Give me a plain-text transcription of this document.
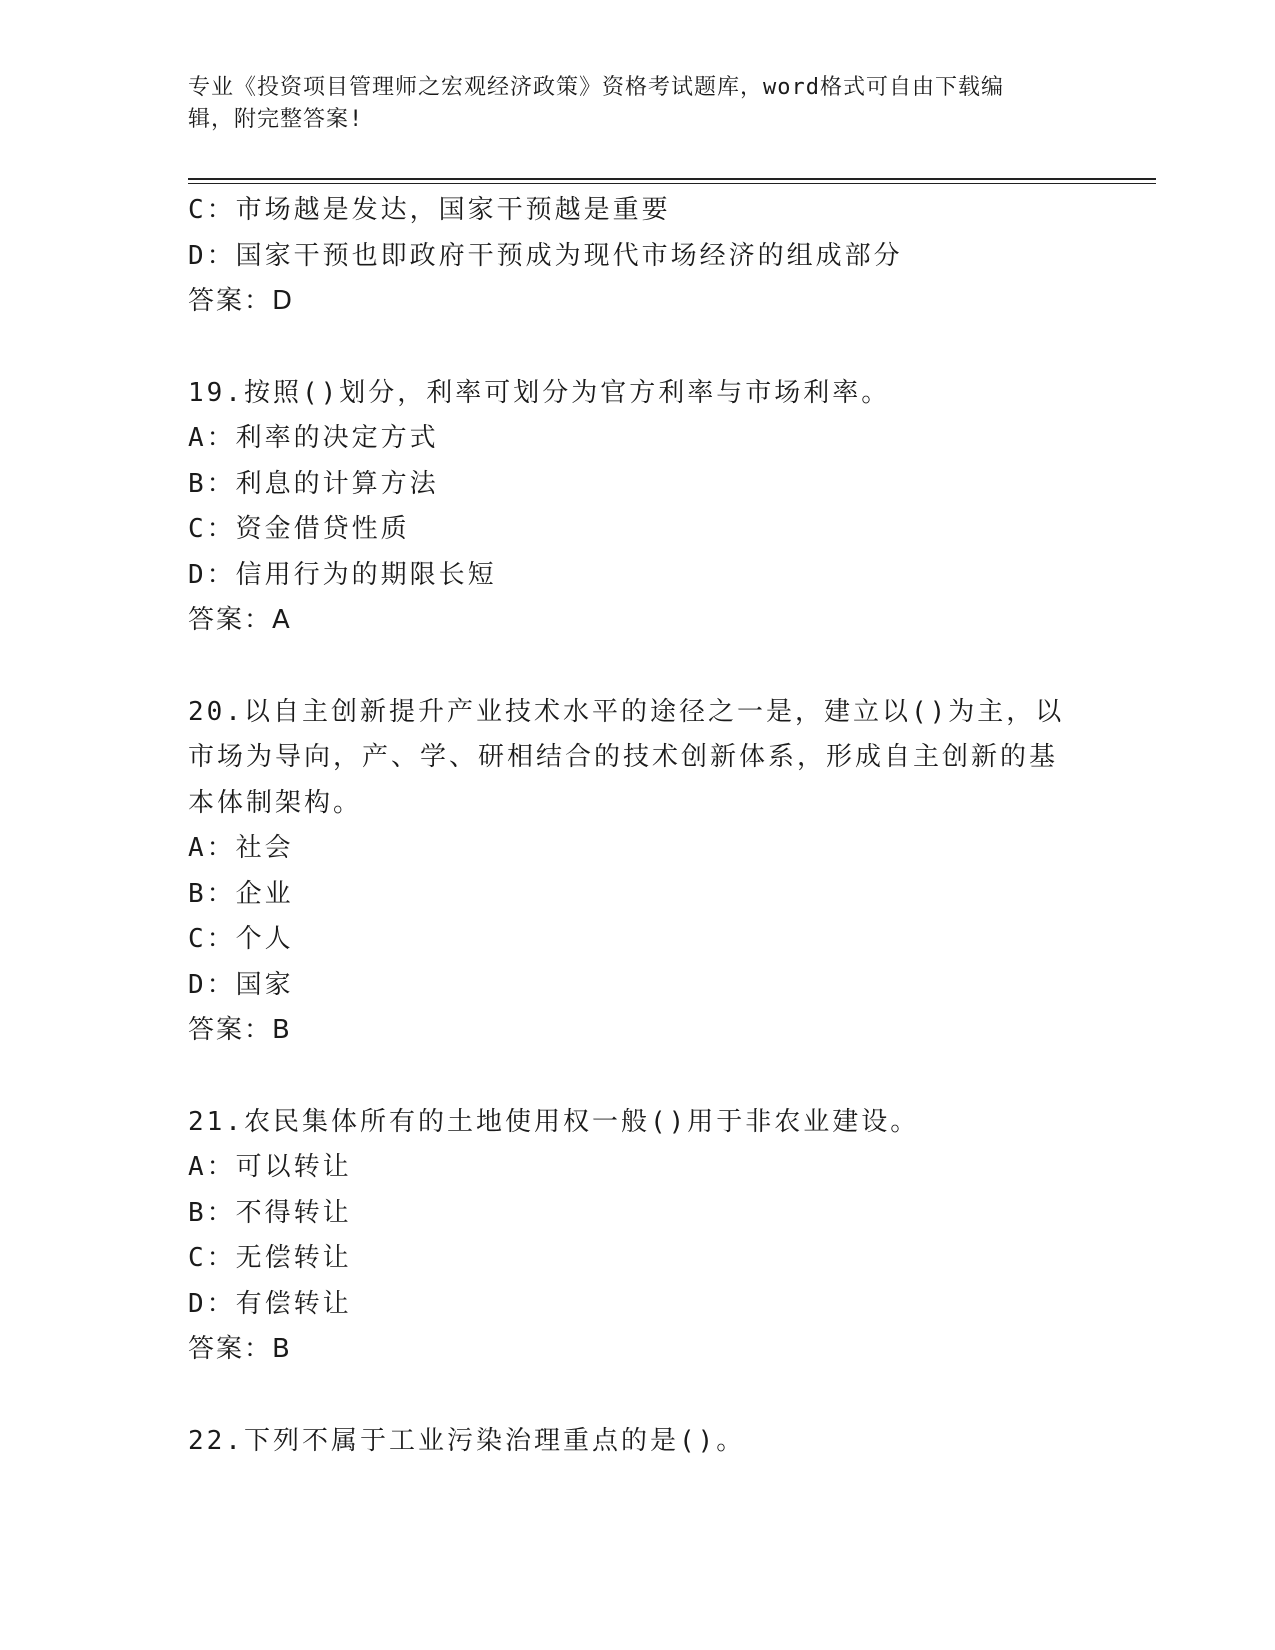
专业《投资项目管理师之宏观经济政策》资格考试题库，word格式可自由下载编
辑，附完整答案!
C：市场越是发达，国家干预越是重要
D：国家干预也即政府干预成为现代市场经济的组成部分
答案：D
19.按照()划分，利率可划分为官方利率与市场利率。
A：利率的决定方式
B：利息的计算方法
C：资金借贷性质
D：信用行为的期限长短
答案：A
20.以自主创新提升产业技术水平的途径之一是，建立以()为主，以市场为导向，产、学、研相结合的技术创新体系，形成自主创新的基本体制架构。
A：社会
B：企业
C：个人
D：国家
答案：B
21.农民集体所有的土地使用权一般()用于非农业建设。
A：可以转让
B：不得转让
C：无偿转让
D：有偿转让
答案：B
22.下列不属于工业污染治理重点的是()。
